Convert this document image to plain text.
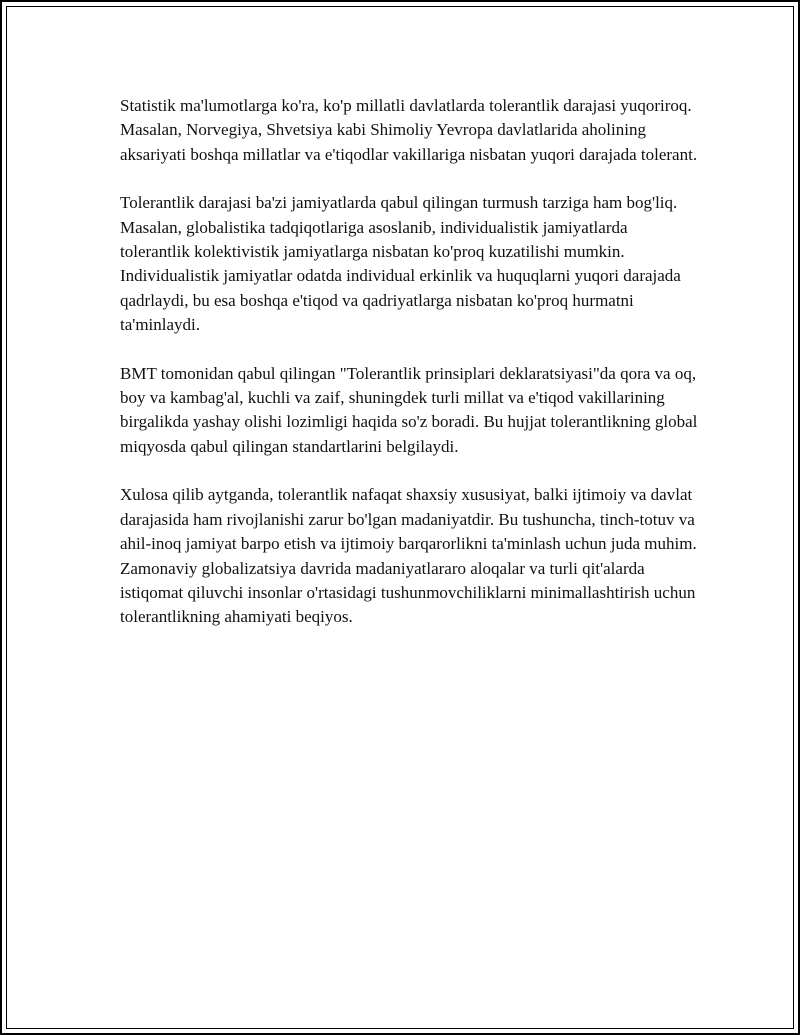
Statistik ma'lumotlarga ko'ra, ko'p millatli davlatlarda tolerantlik darajasi yuqoriroq. Masalan, Norvegiya, Shvetsiya kabi Shimoliy Yevropa davlatlarida aholining aksariyati boshqa millatlar va e'tiqodlar vakillariga nisbatan yuqori darajada tolerant.

Tolerantlik darajasi ba'zi jamiyatlarda qabul qilingan turmush tarziga ham bog'liq. Masalan, globalistika tadqiqotlariga asoslanib, individualistik jamiyatlarda tolerantlik kolektivistik jamiyatlarga nisbatan ko'proq kuzatilishi mumkin. Individualistik jamiyatlar odatda individual erkinlik va huquqlarni yuqori darajada qadrlaydi, bu esa boshqa e'tiqod va qadriyatlarga nisbatan ko'proq hurmatni ta'minlaydi.

BMT tomonidan qabul qilingan "Tolerantlik prinsiplari deklaratsiyasi"da qora va oq, boy va kambag'al, kuchli va zaif, shuningdek turli millat va e'tiqod vakillarining birgalikda yashay olishi lozimligi haqida so'z boradi. Bu hujjat tolerantlikning global miqyosda qabul qilingan standartlarini belgilaydi.

Xulosa qilib aytganda, tolerantlik nafaqat shaxsiy xususiyat, balki ijtimoiy va davlat darajasida ham rivojlanishi zarur bo'lgan madaniyatdir. Bu tushuncha, tinch-totuv va ahil-inoq jamiyat barpo etish va ijtimoiy barqarorlikni ta'minlash uchun juda muhim. Zamonaviy globalizatsiya davrida madaniyatlararo aloqalar va turli qit'alarda istiqomat qiluvchi insonlar o'rtasidagi tushunmovchiliklarni minimallashtirish uchun tolerantlikning ahamiyati beqiyos.
